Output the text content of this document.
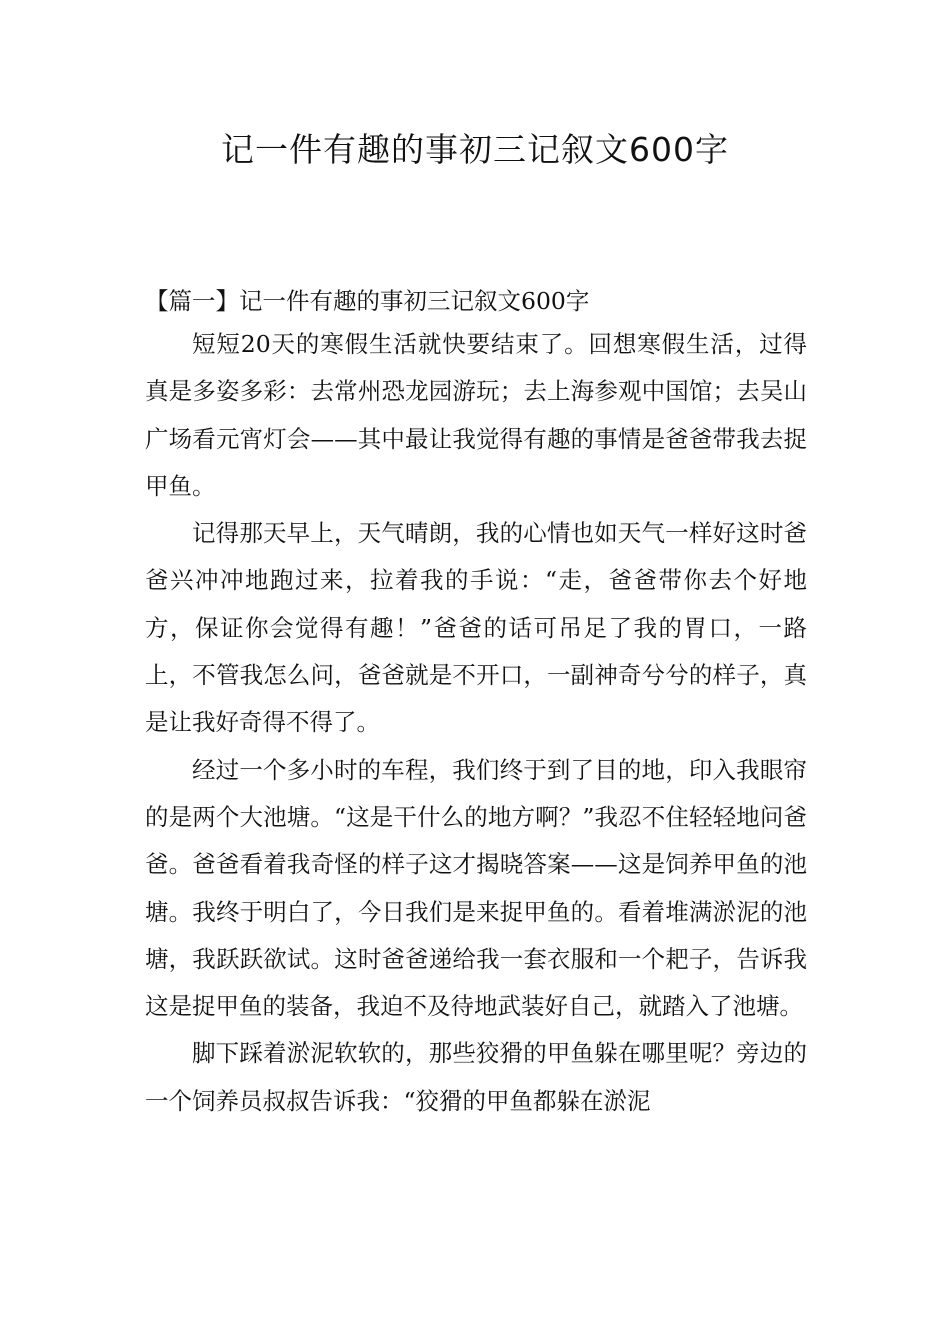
记一件有趣的事初三记叙文600字
【篇一】记一件有趣的事初三记叙文600字

短短20天的寒假生活就快要结束了。回想寒假生活，过得真是多姿多彩：去常州恐龙园游玩；去上海参观中国馆；去吴山广场看元宵灯会——其中最让我觉得有趣的事情是爸爸带我去捉甲鱼。

记得那天早上，天气晴朗，我的心情也如天气一样好这时爸爸兴冲冲地跑过来，拉着我的手说：“走，爸爸带你去个好地方，保证你会觉得有趣！”爸爸的话可吊足了我的胃口，一路上，不管我怎么问，爸爸就是不开口，一副神奇兮兮的样子，真是让我好奇得不得了。

经过一个多小时的车程，我们终于到了目的地，印入我眼帘的是两个大池塘。“这是干什么的地方啊？”我忍不住轻轻地问爸爸。爸爸看着我奇怪的样子这才揭晓答案——这是饲养甲鱼的池塘。我终于明白了，今日我们是来捉甲鱼的。看着堆满淤泥的池塘，我跃跃欲试。这时爸爸递给我一套衣服和一个耙子，告诉我这是捉甲鱼的装备，我迫不及待地武装好自己，就踏入了池塘。

脚下踩着淤泥软软的，那些狡猾的甲鱼躲在哪里呢？旁边的一个饲养员叔叔告诉我：“狡猾的甲鱼都躲在淤泥
